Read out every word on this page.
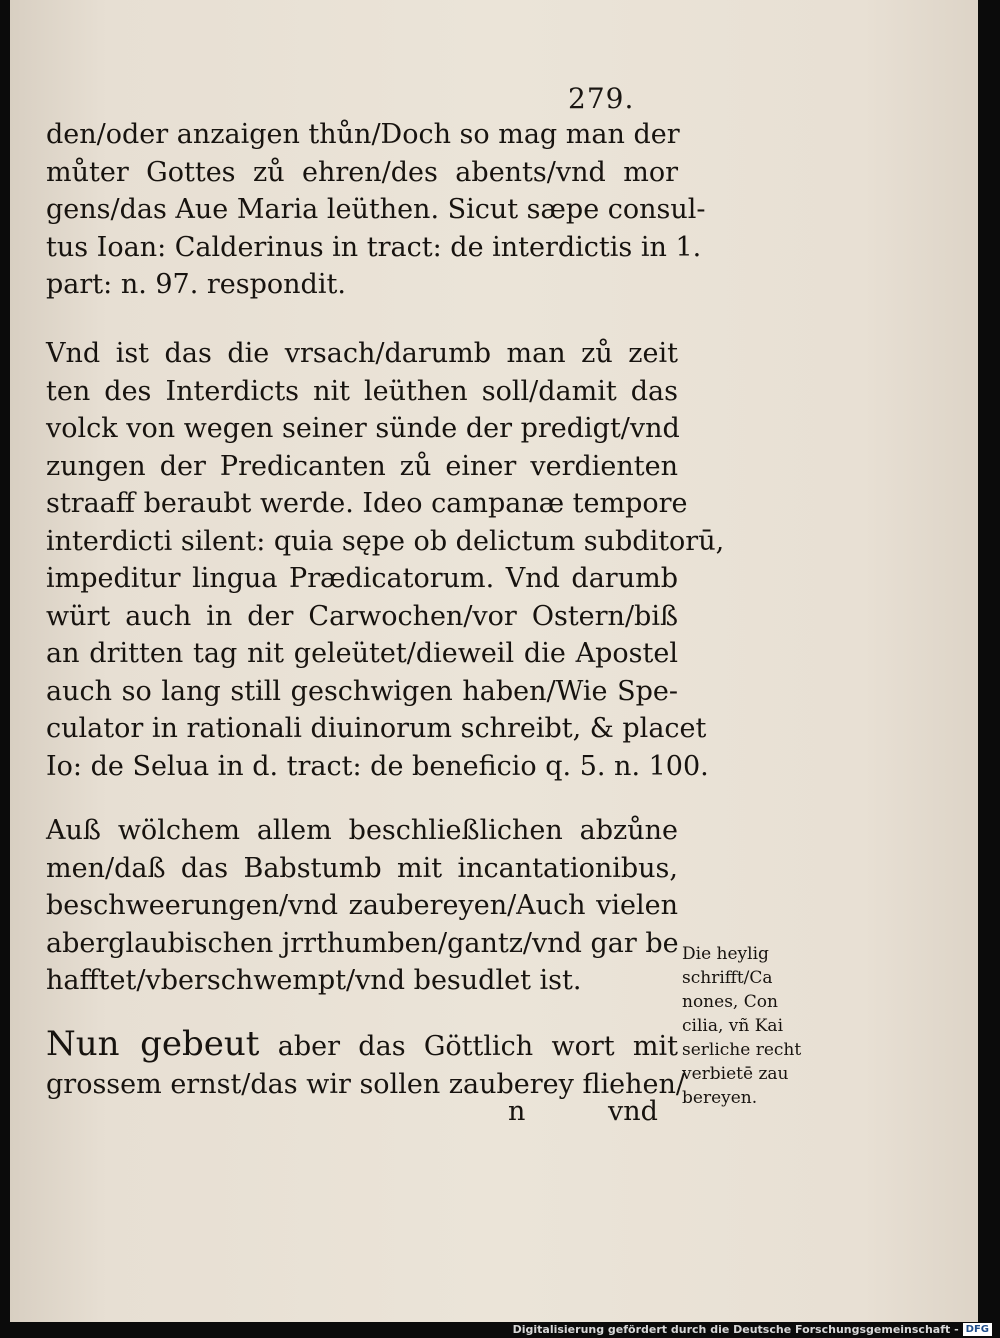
279.
den/oder anzaigen thůn/Doch so mag man der
můter Gottes zů ehren/des abents/vnd mor
gens/das Aue Maria leüthen. Sicut sæpe consul-
tus Ioan: Calderinus in tract: de interdictis in 1.
part: n. 97. respondit.
Vnd ist das die vrsach/darumb man zů zeit
ten des Interdicts nit leüthen soll/damit das
volck von wegen seiner sünde der predigt/vnd
zungen der Predicanten zů einer verdienten
straaff beraubt werde. Ideo campanæ tempore
interdicti silent: quia sępe ob delictum subditorū,
impeditur lingua Prædicatorum. Vnd darumb
würt auch in der Carwochen/vor Ostern/biß
an dritten tag nit geleütet/dieweil die Apostel
auch so lang still geschwigen haben/Wie Spe-
culator in rationali diuinorum schreibt, & placet
Io: de Selua in d. tract: de beneficio q. 5. n. 100.
Auß wölchem allem beschließlichen abzůne
men/daß das Babstumb mit incantationibus,
beschweerungen/vnd zaubereyen/Auch vielen
aberglaubischen jrrthumben/gantz/vnd gar be
hafftet/vberschwempt/vnd besudlet ist.
Nun gebeut aber das Göttlich wort mit
grossem ernst/das wir sollen zauberey fliehen/
n	vnd
Die heylig
schrifft/Ca
nones, Con
cilia, vñ Kai
serliche recht
verbietē zau
bereyen.
Digitalisierung gefördert durch die Deutsche Forschungsgemeinschaft - DFG
